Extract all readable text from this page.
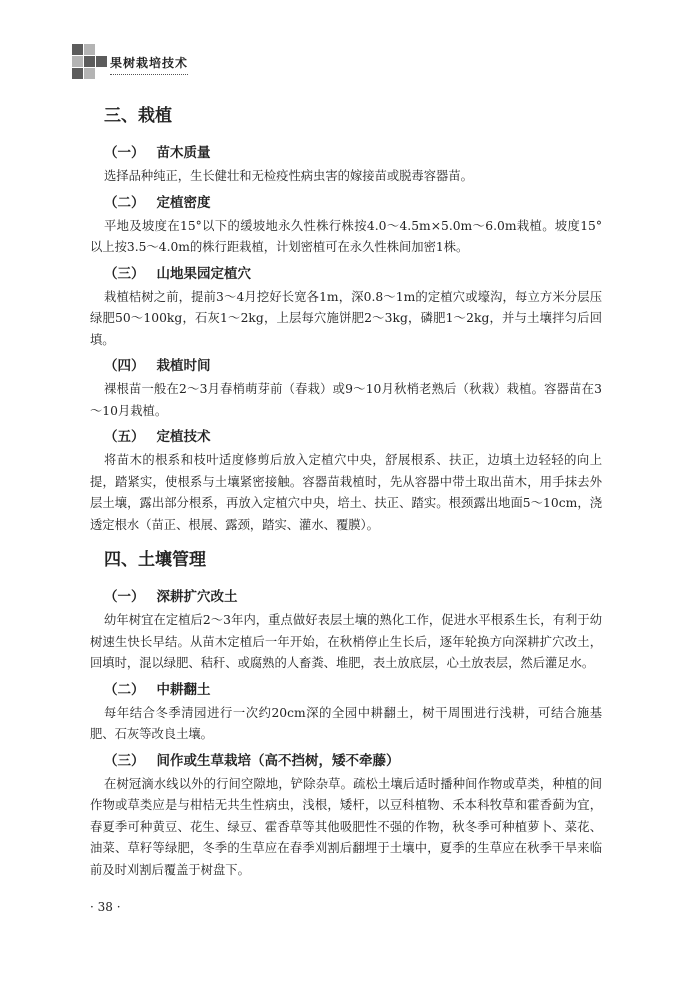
果树栽培技术
三、栽植
（一） 苗木质量

选择品种纯正，生长健壮和无检疫性病虫害的嫁接苗或脱毒容器苗。

（二） 定植密度

平地及坡度在15°以下的缓坡地永久性株行株按4.0～4.5m×5.0m～6.0m栽植。坡度15°以上按3.5～4.0m的株行距栽植，计划密植可在永久性株间加密1株。

（三） 山地果园定植穴

栽植桔树之前，提前3～4月挖好长宽各1m，深0.8～1m的定植穴或壕沟，每立方米分层压绿肥50～100kg，石灰1～2kg，上层每穴施饼肥2～3kg，磷肥1～2kg，并与土壤拌匀后回填。

（四） 栽植时间

裸根苗一般在2～3月春梢萌芽前（春栽）或9～10月秋梢老熟后（秋栽）栽植。容器苗在3～10月栽植。

（五） 定植技术

将苗木的根系和枝叶适度修剪后放入定植穴中央，舒展根系、扶正，边填土边轻轻的向上提，踏紧实，使根系与土壤紧密接触。容器苗栽植时，先从容器中带土取出苗木，用手抹去外层土壤，露出部分根系，再放入定植穴中央，培土、扶正、踏实。根颈露出地面5～10cm，浇透定根水（苗正、根展、露颈，踏实、灌水、覆膜）。

四、土壤管理
（一） 深耕扩穴改土

幼年树宜在定植后2～3年内，重点做好表层土壤的熟化工作，促进水平根系生长，有利于幼树速生快长早结。从苗木定植后一年开始，在秋梢停止生长后，逐年轮换方向深耕扩穴改土，回填时，混以绿肥、秸秆、或腐熟的人畜粪、堆肥，表土放底层，心土放表层，然后灌足水。

（二） 中耕翻土

每年结合冬季清园进行一次约20cm深的全园中耕翻土，树干周围进行浅耕，可结合施基肥、石灰等改良土壤。

（三） 间作或生草栽培（高不挡树，矮不牵藤）

在树冠滴水线以外的行间空隙地，铲除杂草。疏松土壤后适时播种间作物或草类，种植的间作物或草类应是与柑桔无共生性病虫，浅根，矮杆，以豆科植物、禾本科牧草和霍香蓟为宜，春夏季可种黄豆、花生、绿豆、霍香草等其他吸肥性不强的作物，秋冬季可种植萝卜、菜花、油菜、草籽等绿肥，冬季的生草应在春季刈割后翻埋于土壤中，夏季的生草应在秋季干旱来临前及时刈割后覆盖于树盘下。

· 38 ·
